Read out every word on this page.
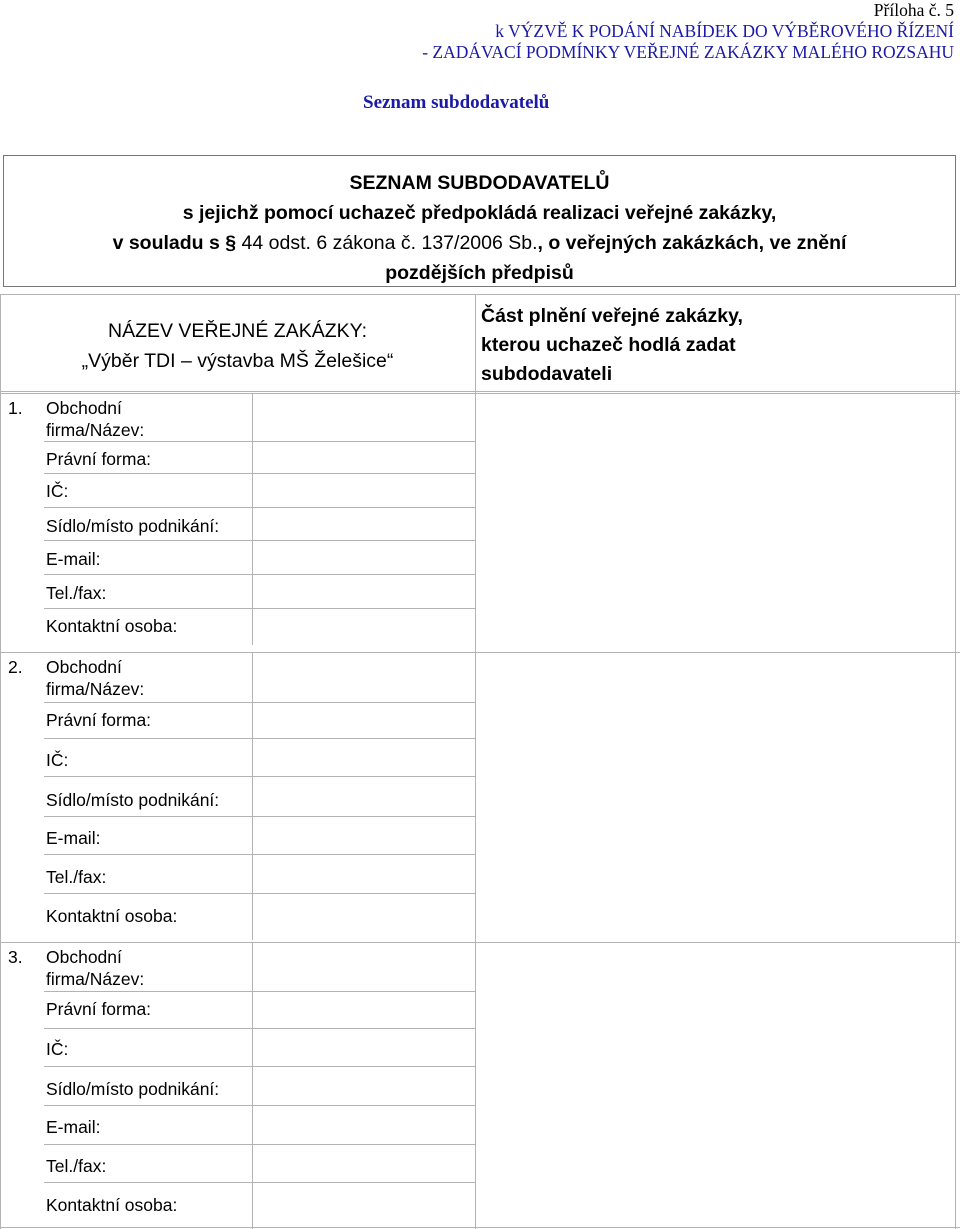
Příloha č. 5
k VÝZVĚ K PODÁNÍ NABÍDEK DO VÝBĚROVÉHO ŘÍZENÍ
- ZADÁVACÍ PODMÍNKY VEŘEJNÉ ZAKÁZKY MALÉHO ROZSAHU
Seznam subdodavatelů
SEZNAM SUBDODAVATELŮ
s jejichž pomocí uchazeč předpokládá realizaci veřejné zakázky,
v souladu s § 44 odst. 6 zákona č. 137/2006 Sb., o veřejných zakázkách, ve znění
pozdějších předpisů
NÁZEV VEŘEJNÉ ZAKÁZKY:
„Výběr TDI – výstavba MŠ Želešice“
Část plnění veřejné zakázky,
kterou uchazeč hodlá zadat
subdodavateli
1. Obchodní
firma/Název:
Právní forma:
IČ:
Sídlo/místo podnikání:
E-mail:
Tel./fax:
Kontaktní osoba:
2. Obchodní
firma/Název:
Právní forma:
IČ:
Sídlo/místo podnikání:
E-mail:
Tel./fax:
Kontaktní osoba:
3. Obchodní
firma/Název:
Právní forma:
IČ:
Sídlo/místo podnikání:
E-mail:
Tel./fax:
Kontaktní osoba:
